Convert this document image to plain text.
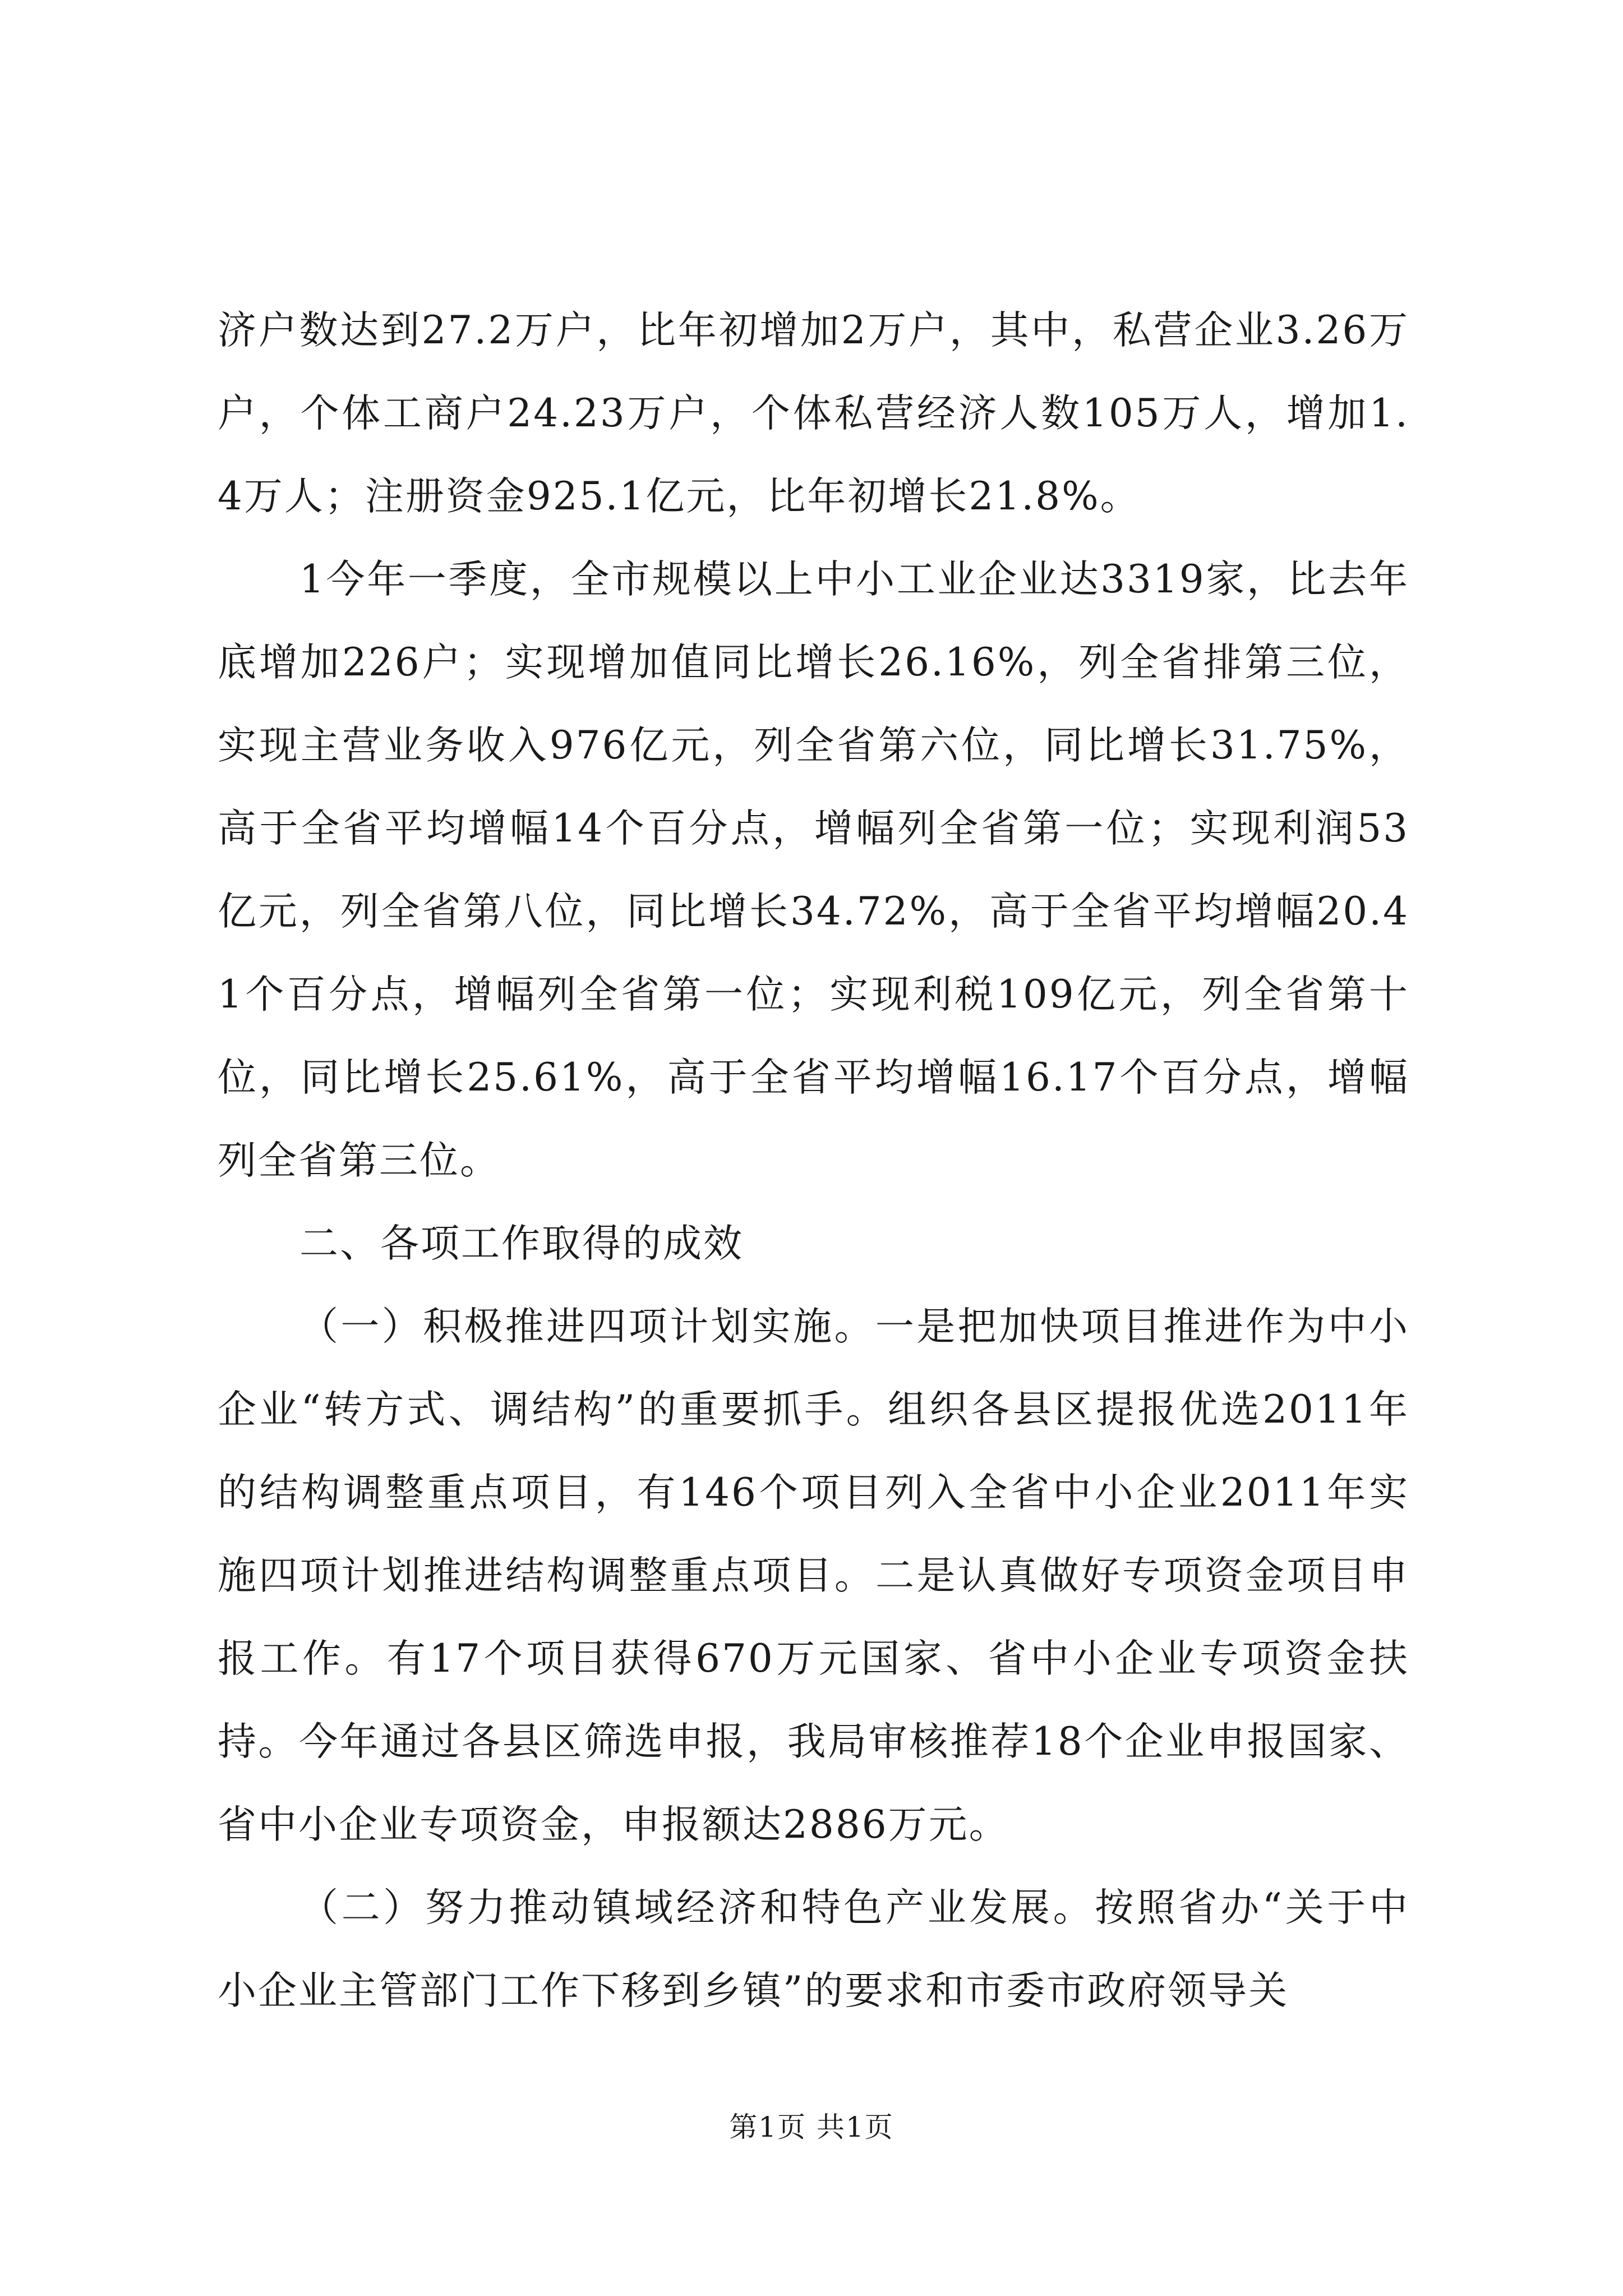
济户数达到27.2万户，比年初增加2万户，其中，私营企业3.26万户，个体工商户24.23万户，个体私营经济人数105万人，增加1.4万人；注册资金925.1亿元，比年初增长21.8%。

1今年一季度，全市规模以上中小工业企业达3319家，比去年底增加226户；实现增加值同比增长26.16%，列全省排第三位，实现主营业务收入976亿元，列全省第六位，同比增长31.75%，高于全省平均增幅14个百分点，增幅列全省第一位；实现利润53亿元，列全省第八位，同比增长34.72%，高于全省平均增幅20.41个百分点，增幅列全省第一位；实现利税109亿元，列全省第十位，同比增长25.61%，高于全省平均增幅16.17个百分点，增幅列全省第三位。

二、各项工作取得的成效

（一）积极推进四项计划实施。一是把加快项目推进作为中小企业“转方式、调结构”的重要抓手。组织各县区提报优选2011年的结构调整重点项目，有146个项目列入全省中小企业2011年实施四项计划推进结构调整重点项目。二是认真做好专项资金项目申报工作。有17个项目获得670万元国家、省中小企业专项资金扶持。今年通过各县区筛选申报，我局审核推荐18个企业申报国家、省中小企业专项资金，申报额达2886万元。

（二）努力推动镇域经济和特色产业发展。按照省办“关于中小企业主管部门工作下移到乡镇”的要求和市委市政府领导关

第1页 共1页
